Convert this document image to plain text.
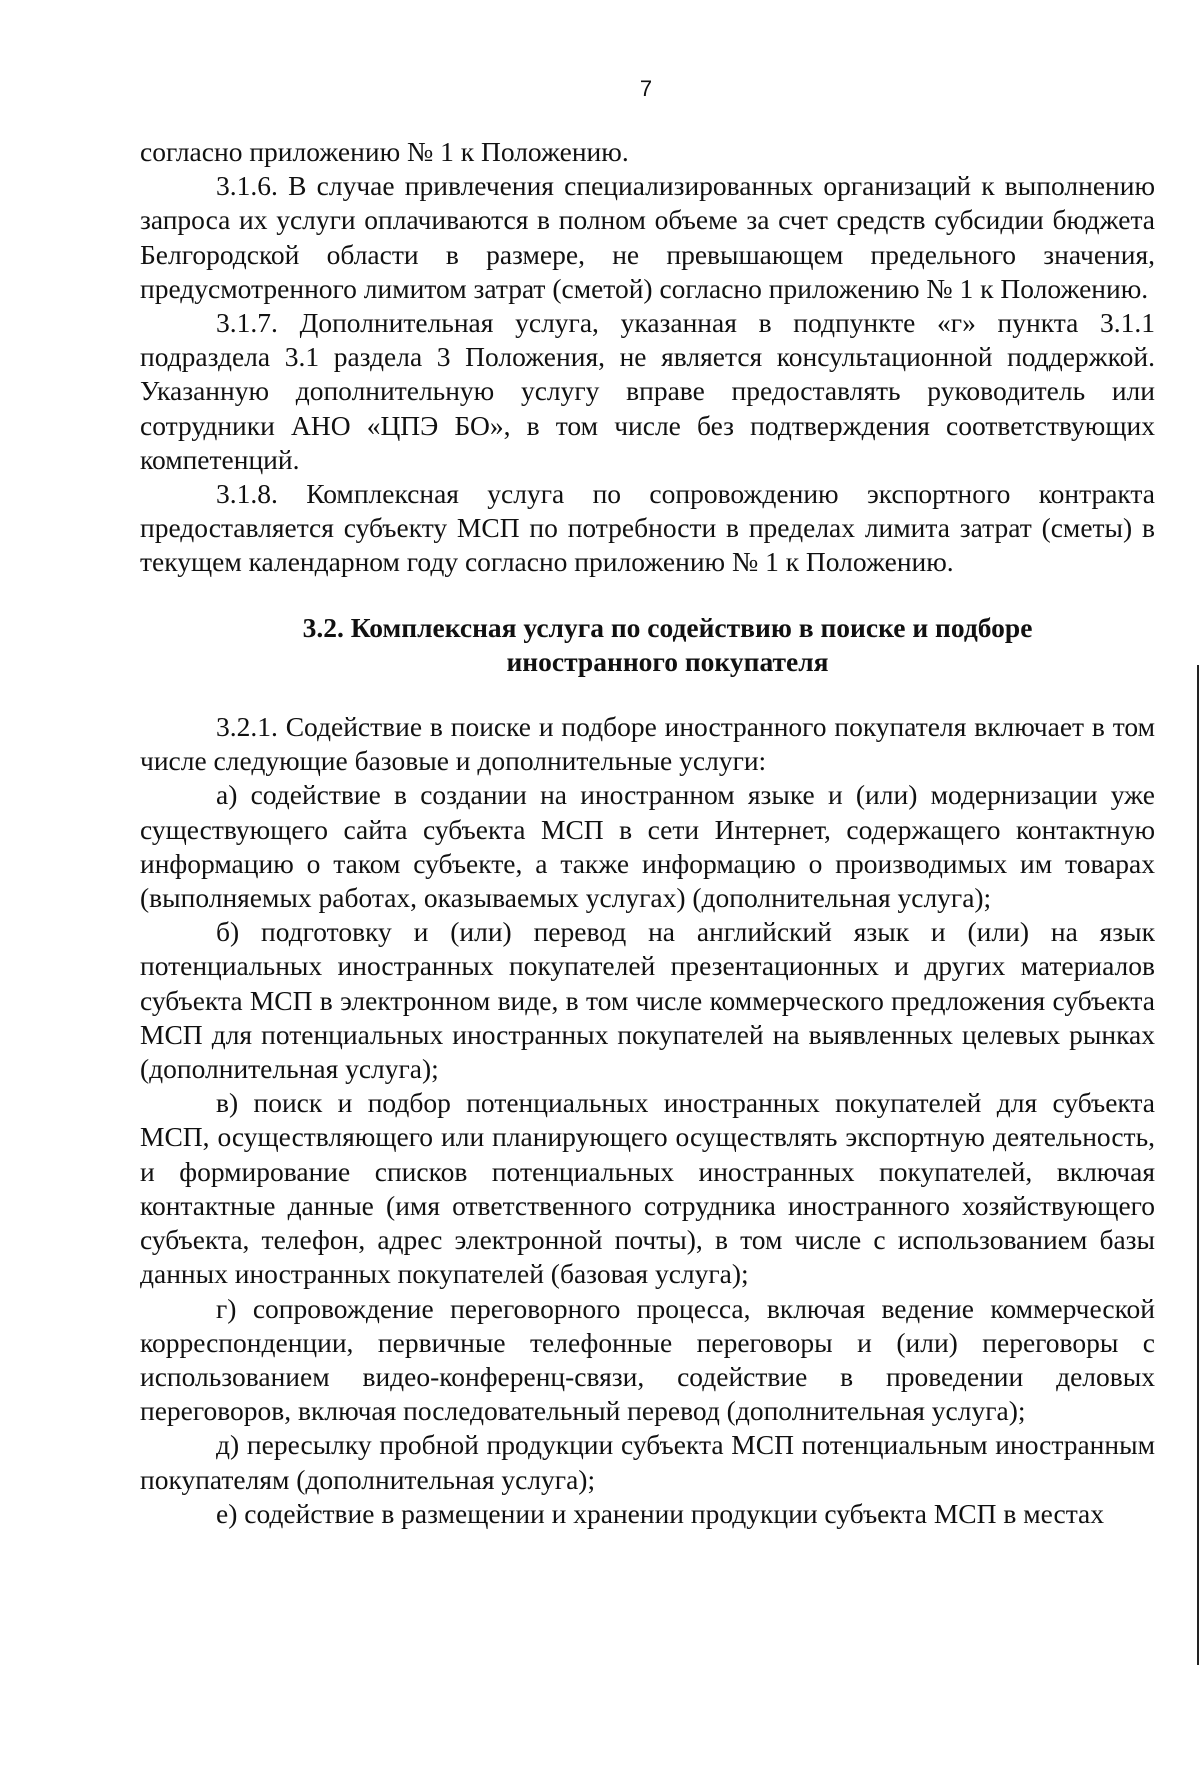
7

согласно приложению № 1 к Положению.

3.1.6. В случае привлечения специализированных организаций к выполнению запроса их услуги оплачиваются в полном объеме за счет средств субсидии бюджета Белгородской области в размере, не превышающем предельного значения, предусмотренного лимитом затрат (сметой) согласно приложению № 1 к Положению.

3.1.7. Дополнительная услуга, указанная в подпункте «г» пункта 3.1.1 подраздела 3.1 раздела 3 Положения, не является консультационной поддержкой. Указанную дополнительную услугу вправе предоставлять руководитель или сотрудники АНО «ЦПЭ БО», в том числе без подтверждения соответствующих компетенций.

3.1.8. Комплексная услуга по сопровождению экспортного контракта предоставляется субъекту МСП по потребности в пределах лимита затрат (сметы) в текущем календарном году согласно приложению № 1 к Положению.

3.2. Комплексная услуга по содействию в поиске и подборе
иностранного покупателя

3.2.1. Содействие в поиске и подборе иностранного покупателя включает в том числе следующие базовые и дополнительные услуги:

а) содействие в создании на иностранном языке и (или) модернизации уже существующего сайта субъекта МСП в сети Интернет, содержащего контактную информацию о таком субъекте, а также информацию о производимых им товарах (выполняемых работах, оказываемых услугах) (дополнительная услуга);

б) подготовку и (или) перевод на английский язык и (или) на язык потенциальных иностранных покупателей презентационных и других материалов субъекта МСП в электронном виде, в том числе коммерческого предложения субъекта МСП для потенциальных иностранных покупателей на выявленных целевых рынках (дополнительная услуга);

в) поиск и подбор потенциальных иностранных покупателей для субъекта МСП, осуществляющего или планирующего осуществлять экспортную деятельность, и формирование списков потенциальных иностранных покупателей, включая контактные данные (имя ответственного сотрудника иностранного хозяйствующего субъекта, телефон, адрес электронной почты), в том числе с использованием базы данных иностранных покупателей (базовая услуга);

г) сопровождение переговорного процесса, включая ведение коммерческой корреспонденции, первичные телефонные переговоры и (или) переговоры с использованием видео-конференц-связи, содействие в проведении деловых переговоров, включая последовательный перевод (дополнительная услуга);

д) пересылку пробной продукции субъекта МСП потенциальным иностранным покупателям (дополнительная услуга);

е) содействие в размещении и хранении продукции субъекта МСП в местах
